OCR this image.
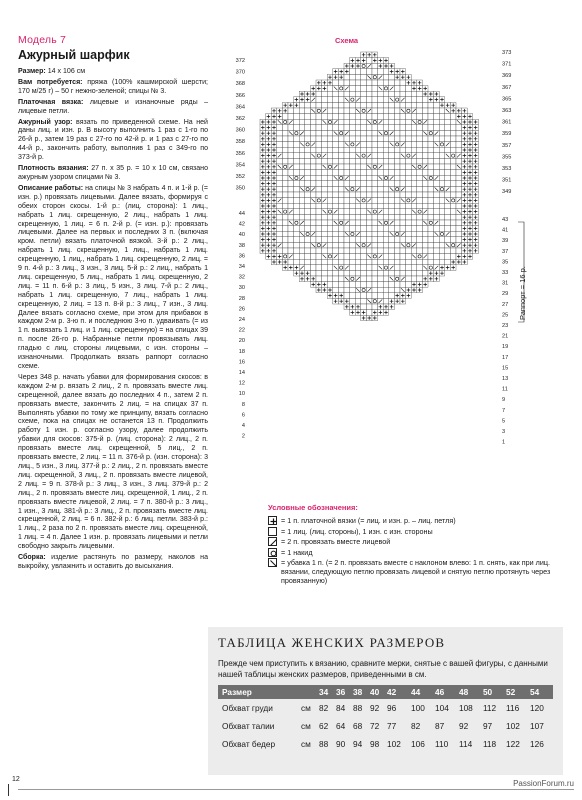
Модель 7
Ажурный шарфик

Размер: 14 х 106 см

Вам потребуется: пряжа (100% кашмирской шерсти; 170 м/25 г) – 50 г нежно-зеленой; спицы № 3.

Платочная вязка: лицевые и изнаночные ряды – лицевые петли.

Ажурный узор: вязать по приведенной схеме. На ней даны лиц. и изн. р. В высоту выполнить 1 раз с 1-го по 26-й р., затем 19 раз с 27-го по 42-й р. и 1 раз с 27-го по 44-й р., закончить работу, выполнив 1 раз с 349-го по 373-й р.

Плотность вязания: 27 п. х 35 р. = 10 х 10 см, связано ажурным узором спицами № 3.

Описание работы: на спицы № 3 набрать 4 п. и 1-й р. (= изн. р.) провязать лицевыми. Далее вязать, формируя с обеих сторон скосы. 1-й р.: (лиц. сторона): 1 лиц., набрать 1 лиц. скрещенную, 2 лиц., набрать 1 лиц. скрещенную, 1 лиц. = 6 п. 2-й р. (= изн. р.): провязать лицевыми. Далее на первых и последних 3 п. (включая кром. петли) вязать платочной вязкой. 3-й р.: 2 лиц., набрать 1 лиц. скрещенную, 1 лиц., набрать 1 лиц. скрещенную, 1 лиц., набрать 1 лиц. скрещенную, 2 лиц. = 9 п. 4-й р.: 3 лиц., 3 изн., 3 лиц. 5-й р.: 2 лиц., набрать 1 лиц. скрещенную, 5 лиц., набрать 1 лиц. скрещенную, 2 лиц. = 11 п. 6-й р.: 3 лиц., 5 изн., 3 лиц. 7-й р.: 2 лиц., набрать 1 лиц. скрещенную, 7 лиц., набрать 1 лиц. скрещенную, 2 лиц. = 13 п. 8-й р.: 3 лиц., 7 изн., 3 лиц. Далее вязать согласно схеме, при этом для прибавок в каждом 2-м р. 3-ю п. и последнюю 3-ю п. удваивать (= из 1 п. вывязать 1 лиц. и 1 лиц. скрещенную) = на спицах 39 п. после 26-го р. Набранные петли провязывать лиц. гладью с лиц. стороны лицевыми, с изн. стороны – изнаночными. Продолжать вязать раппорт согласно схеме.

Через 348 р. начать убавки для формирования скосов: в каждом 2-м р. вязать 2 лиц., 2 п. провязать вместе лиц. скрещенной, далее вязать до последних 4 п., затем 2 п. провязать вместе, закончить 2 лиц. = на спицах 37 п. Выполнять убавки по тому же принципу, вязать согласно схеме, пока на спицах не останется 13 п. Продолжить работу 1 изн. р. согласно узору, далее продолжить убавки для скосов: 375-й р. (лиц. сторона): 2 лиц., 2 п. провязать вместе лиц. скрещенной, 5 лиц., 2 п. провязать вместе, 2 лиц. = 11 п. 376-й р. (изн. сторона): 3 лиц., 5 изн., 3 лиц. 377-й р.: 2 лиц., 2 п. провязать вместе лиц. скрещенной, 3 лиц., 2 п. провязать вместе лицевой, 2 лиц. = 9 п. 378-й р.: 3 лиц., 3 изн., 3 лиц. 379-й р.: 2 лиц., 2 п. провязать вместе лиц. скрещенной, 1 лиц., 2 п. провязать вместе лицевой, 2 лиц. = 7 п. 380-й р.: 3 лиц., 1 изн., 3 лиц. 381-й р.: 3 лиц., 2 п. провязать вместе лиц. скрещенной, 2 лиц. = 6 п. 382-й р.: 6 лиц. петли. 383-й р.: 1 лиц., 2 раза по 2 п. провязать вместе лиц. скрещенной, 1 лиц. = 4 п. Далее 1 изн. р. провязать лицевыми и петли свободно закрыть лицевыми.

Сборка: изделие растянуть по размеру, наколов на выкройку, увлажнить и оставить до высыхания.

Схема
372
370
368
366
364
362
360
358
356
354
352
350
44
42
40
38
36
34
32
30
28
26
24
22
20
18
16
14
12
10
8
6
4
2
373
371
369
367
365
363
361
359
357
355
353
351
349
43
41
39
37
35
33
31
29
27
25
23
21
19
17
15
13
11
9
7
5
3
1
Раппорт = 16 р.
Условные обозначения:
= 1 п. платочной вязки (= лиц. и изн. р. – лиц. петля)
= 1 лиц. (лиц. стороны), 1 изн. с изн. стороны
= 2 п. провязать вместе лицевой
= 1 накид
= убавка 1 п. (= 2 п. провязать вместе с наклоном влево: 1 п. снять, как при лиц. вязании, следующую петлю провязать лицевой и снятую петлю протянуть через провязанную)
ТАБЛИЦА ЖЕНСКИХ РАЗМЕРОВ
Прежде чем приступить к вязанию, сравните мерки, снятые с вашей фигуры, с данными нашей таблицы женских размеров, приведенными в см.
Размер		34	36	38	40	42	44	46	48	50	52	54
Обхват груди	см	82	84	88	92	96	100	104	108	112	116	120
Обхват талии	см	62	64	68	72	77	82	87	92	97	102	107
Обхват бедер	см	88	90	94	98	102	106	110	114	118	122	126
12	PassionForum.ru
